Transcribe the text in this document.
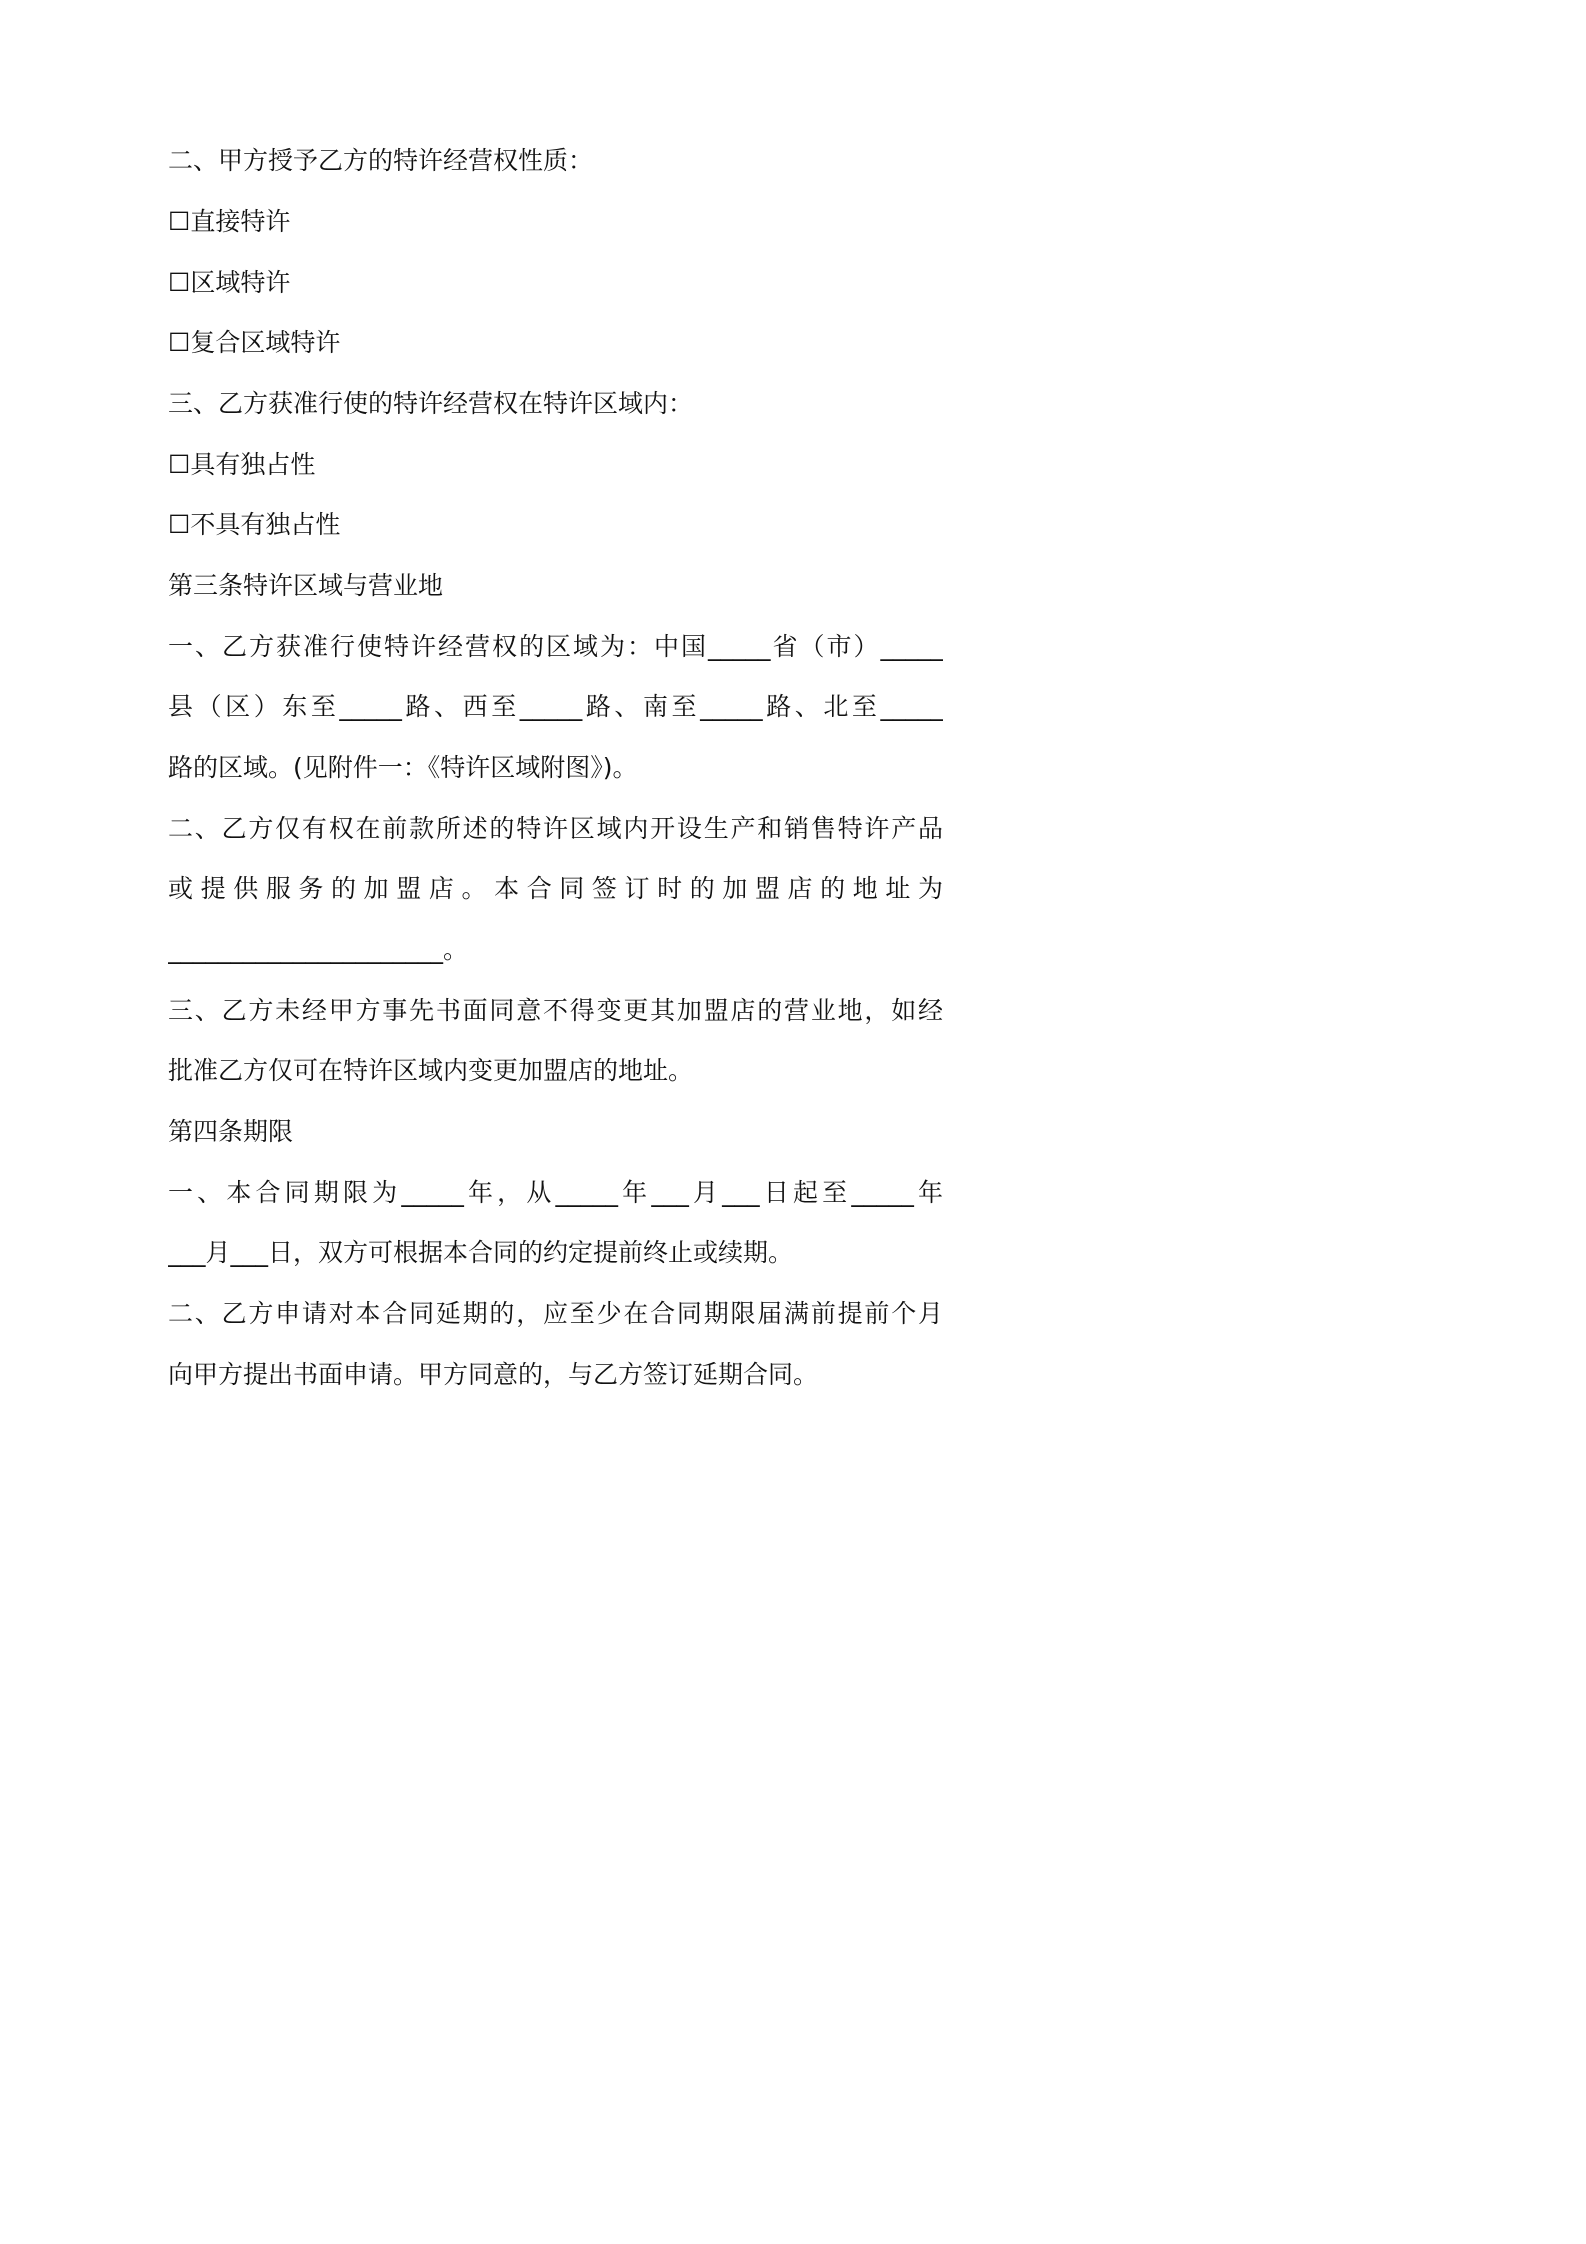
二、甲方授予乙方的特许经营权性质：
☐直接特许
☐区域特许
☐复合区域特许
三、乙方获准行使的特许经营权在特许区域内：
☐具有独占性
☐不具有独占性
第三条特许区域与营业地
一、乙方获准行使特许经营权的区域为：中国_____省（市）_____
县（区）东至_____路、西至_____路、南至_____路、北至_____
路的区域。(见附件一：《特许区域附图》)。
二、乙方仅有权在前款所述的特许区域内开设生产和销售特许产品
或提供服务的加盟店。本合同签订时的加盟店的地址为
______________________。
三、乙方未经甲方事先书面同意不得变更其加盟店的营业地，如经
批准乙方仅可在特许区域内变更加盟店的地址。
第四条期限
一、本合同期限为_____年，从_____年___月___日起至_____年
___月___日，双方可根据本合同的约定提前终止或续期。
二、乙方申请对本合同延期的，应至少在合同期限届满前提前个月
向甲方提出书面申请。甲方同意的，与乙方签订延期合同。
